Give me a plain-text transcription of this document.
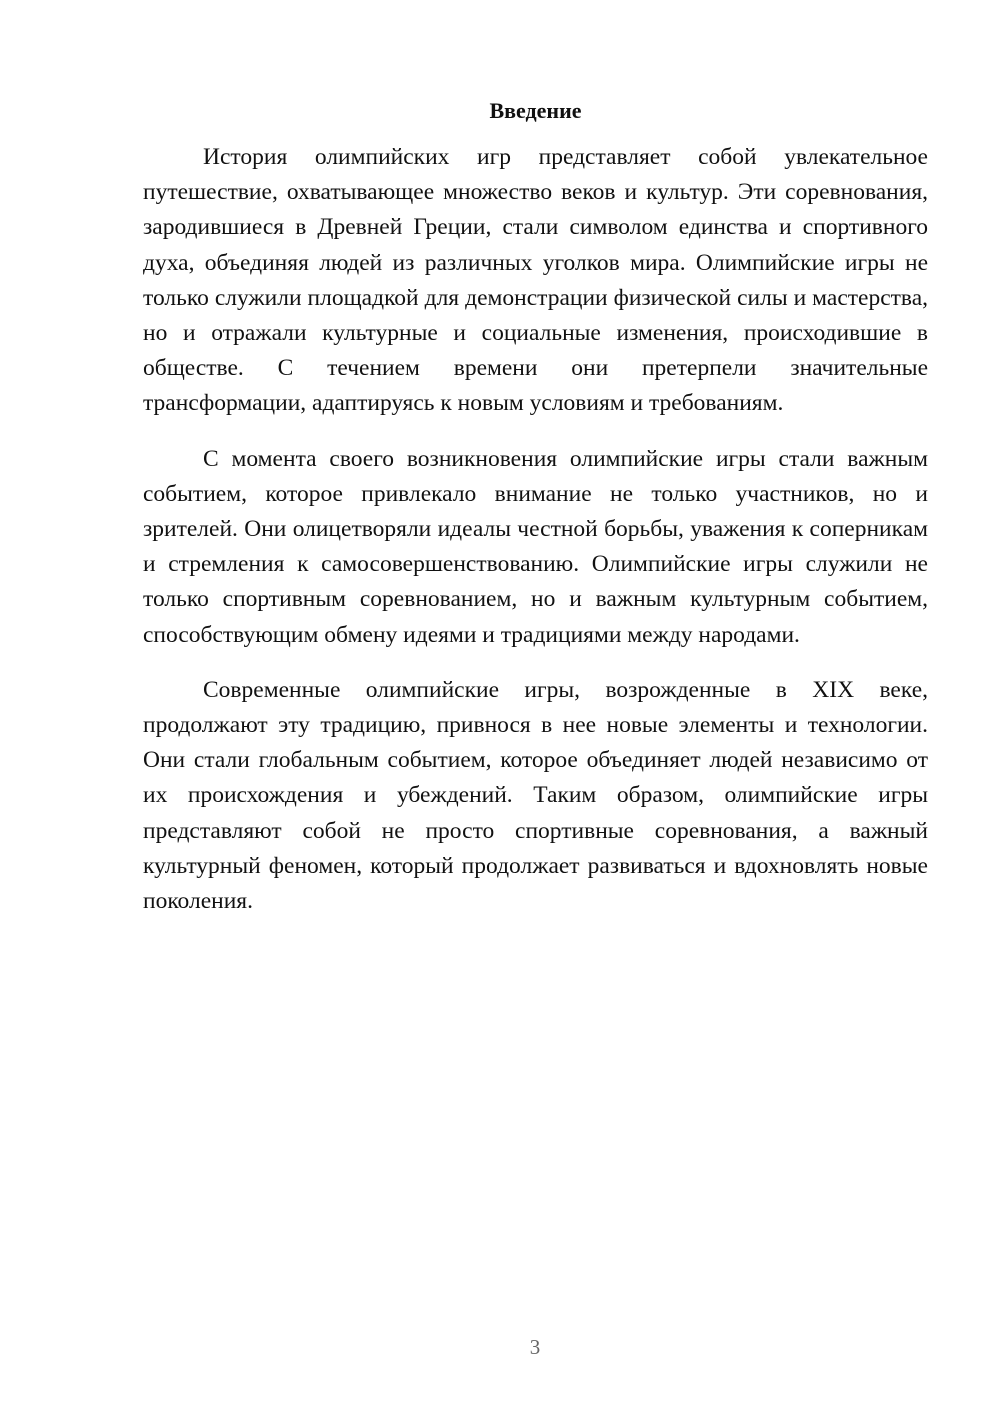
Введение

История олимпийских игр представляет собой увлекательное путешествие, охватывающее множество веков и культур. Эти соревнования, зародившиеся в Древней Греции, стали символом единства и спортивного духа, объединяя людей из различных уголков мира. Олимпийские игры не только служили площадкой для демонстрации физической силы и мастерства, но и отражали культурные и социальные изменения, происходившие в обществе. С течением времени они претерпели значительные трансформации, адаптируясь к новым условиям и требованиям.

С момента своего возникновения олимпийские игры стали важным событием, которое привлекало внимание не только участников, но и зрителей. Они олицетворяли идеалы честной борьбы, уважения к соперникам и стремления к самосовершенствованию. Олимпийские игры служили не только спортивным соревнованием, но и важным культурным событием, способствующим обмену идеями и традициями между народами.

Современные олимпийские игры, возрожденные в XIX веке, продолжают эту традицию, привнося в нее новые элементы и технологии. Они стали глобальным событием, которое объединяет людей независимо от их происхождения и убеждений. Таким образом, олимпийские игры представляют собой не просто спортивные соревнования, а важный культурный феномен, который продолжает развиваться и вдохновлять новые поколения.

3
